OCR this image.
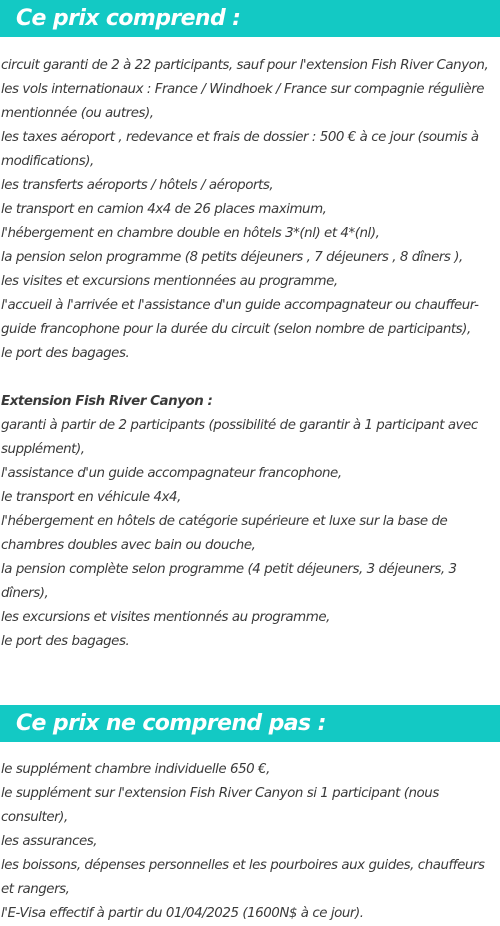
Ce prix comprend :
circuit garanti de 2 à 22 participants, sauf pour l'extension Fish River Canyon,
les vols internationaux : France / Windhoek / France sur compagnie régulière mentionnée (ou autres),
les taxes aéroport , redevance et frais de dossier : 500 € à ce jour (soumis à modifications),
les transferts aéroports / hôtels / aéroports,
le transport en camion 4x4 de 26 places maximum,
l'hébergement en chambre double en hôtels 3*(nl) et 4*(nl),
la pension selon programme (8 petits déjeuners , 7 déjeuners , 8 dîners ),
les visites et excursions mentionnées au programme,
l'accueil à l'arrivée et l'assistance d'un guide accompagnateur ou chauffeur-guide francophone pour la durée du circuit (selon nombre de participants),
le port des bagages.
Extension Fish River Canyon :
garanti à partir de 2 participants (possibilité de garantir à 1 participant avec supplément),
l'assistance d'un guide accompagnateur francophone,
le transport en véhicule 4x4,
l'hébergement en hôtels de catégorie supérieure et luxe sur la base de chambres doubles avec bain ou douche,
la pension complète selon programme (4 petit déjeuners, 3 déjeuners, 3 dîners),
les excursions et visites mentionnés au programme,
le port des bagages.
Ce prix ne comprend pas :
le supplément chambre individuelle 650 €,
le supplément sur l'extension Fish River Canyon si 1 participant (nous consulter),
les assurances,
les boissons, dépenses personnelles et les pourboires aux guides, chauffeurs et rangers,
l'E-Visa effectif à partir du 01/04/2025 (1600N$ à ce jour).
